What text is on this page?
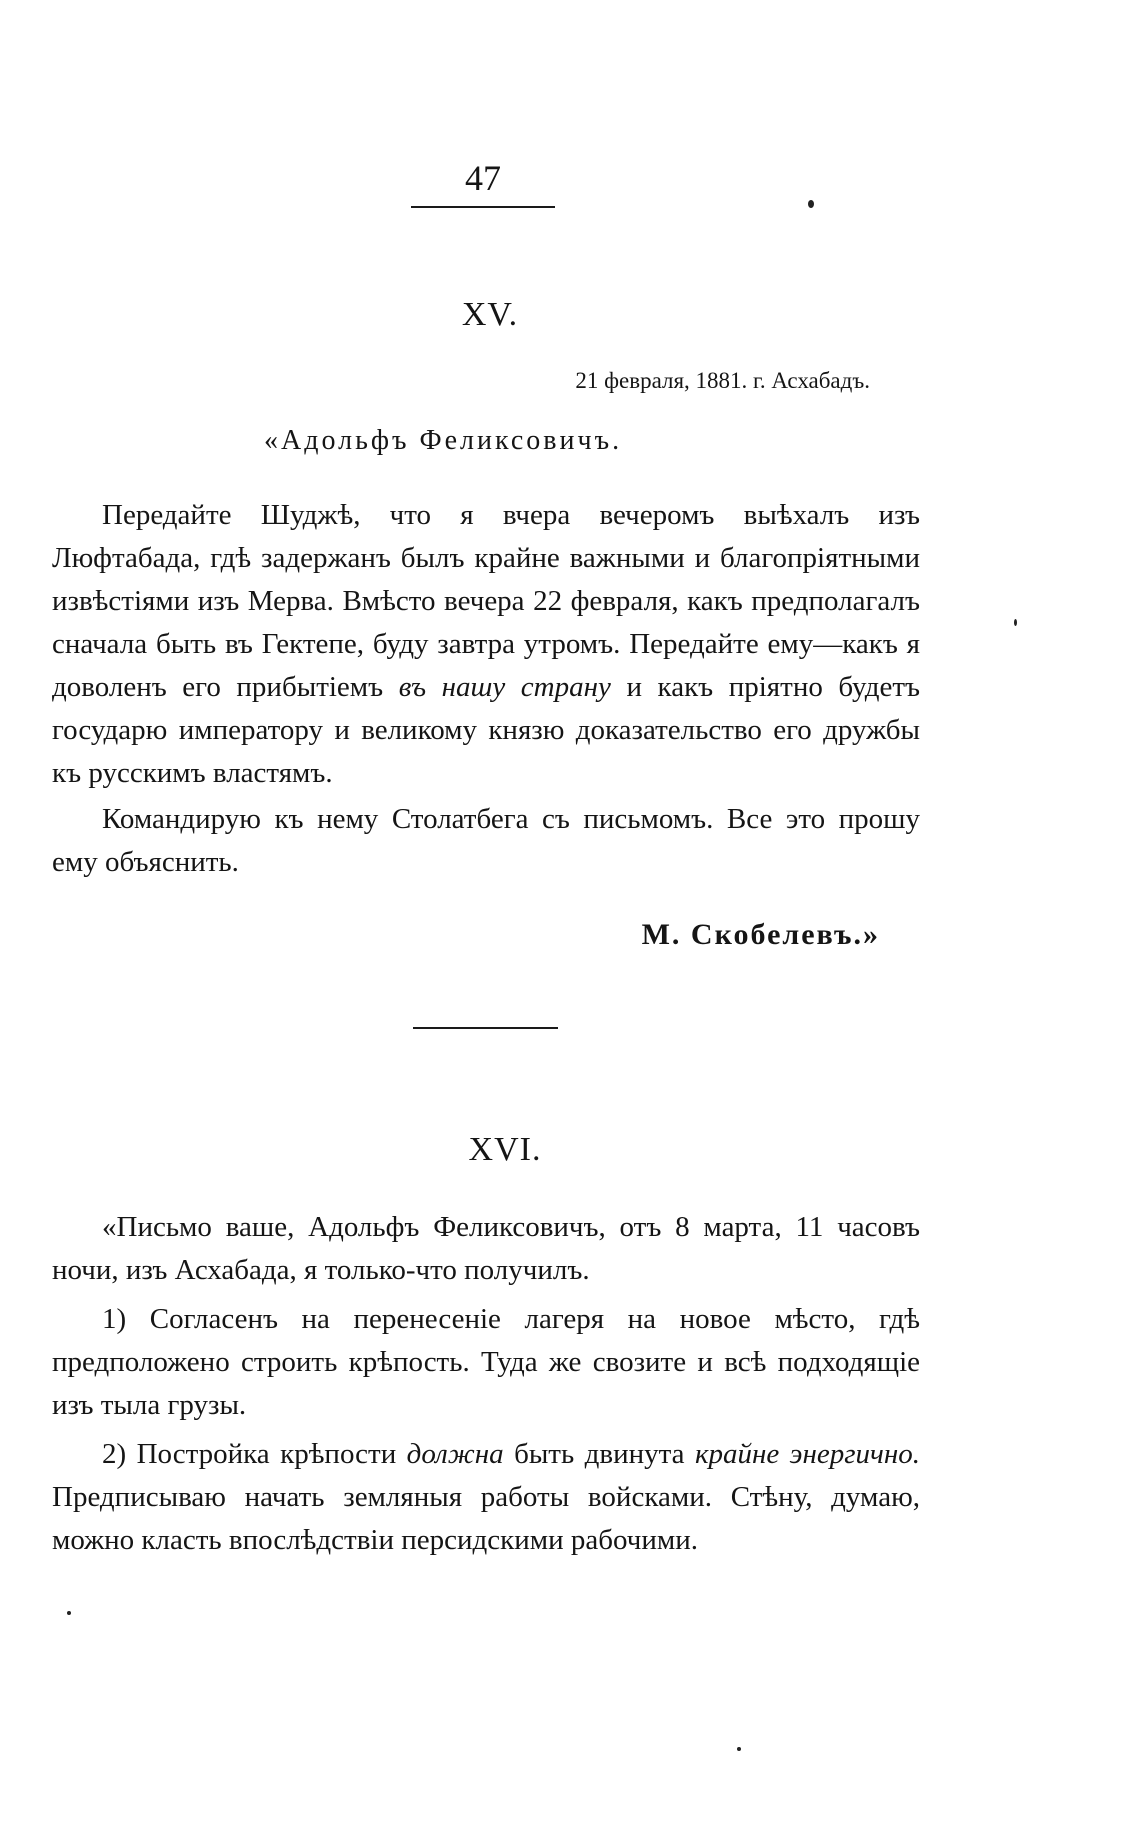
47
XV.
21 февраля, 1881. г. Асхабадъ.
«Адольфъ Феликсовичъ.

Передайте Шуджѣ, что я вчера вечеромъ выѣхалъ изъ Люфтабада, гдѣ задержанъ былъ крайне важными и благопріятными извѣстіями изъ Мерва. Вмѣсто вечера 22 февраля, какъ предполагалъ сначала быть въ Гектепе, буду завтра утромъ. Передайте ему—какъ я доволенъ его прибытіемъ въ нашу страну и какъ пріятно будетъ государю императору и великому князю доказательство его дружбы къ русскимъ властямъ.

Командирую къ нему Столатбега съ письмомъ. Все это прошу ему объяснить.

М. Скобелевъ.»
XVI.

«Письмо ваше, Адольфъ Феликсовичъ, отъ 8 марта, 11 часовъ ночи, изъ Асхабада, я только-что получилъ.

1) Согласенъ на перенесеніе лагеря на новое мѣсто, гдѣ предположено строить крѣпость. Туда же свозите и всѣ подходящіе изъ тыла грузы.

2) Постройка крѣпости должна быть двинута крайне энергично. Предписываю начать земляныя работы войсками. Стѣну, думаю, можно класть впослѣдствіи персидскими рабочими.
